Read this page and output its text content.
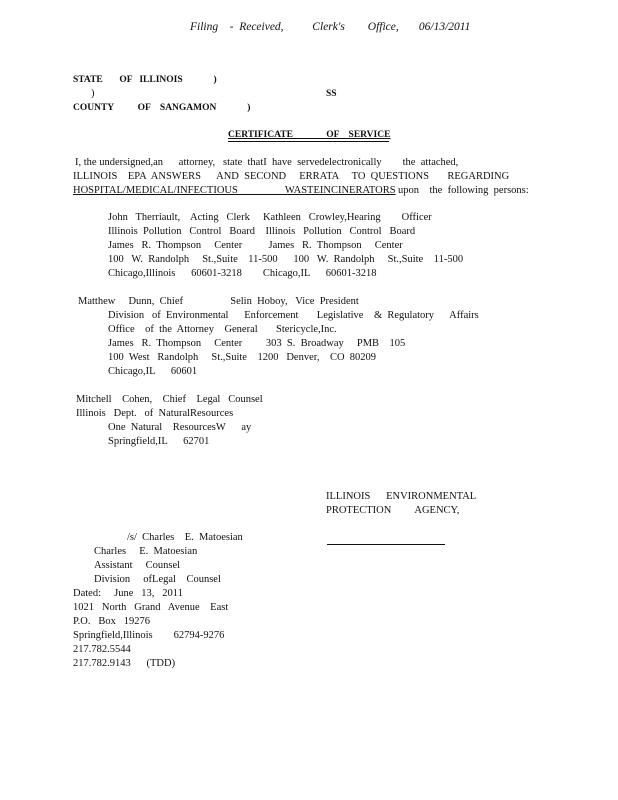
Filing    -  Received,          Clerk's        Office,       06/13/2011
STATE       OF   ILLINOIS             )
)	SS
COUNTY          OF    SANGAMON             )
CERTIFICATE              OF    SERVICE
I, the undersigned,an      attorney,   state  thatI  have  servedelectronically        the  attached,
ILLINOIS    EPA  ANSWERS      AND  SECOND     ERRATA     TO  QUESTIONS       REGARDING
HOSPITAL/MEDICAL/INFECTIOUS                  WASTEINCINERATORS upon    the  following  persons:
John   Therriault,    Acting   Clerk     Kathleen   Crowley,Hearing        Officer
Illinois  Pollution   Control   Board    Illinois   Pollution   Control   Board
James   R.  Thompson     Center          James   R.  Thompson     Center
100   W.  Randolph     St.,Suite    11-500      100   W.  Randolph     St.,Suite    11-500
Chicago,Illinois      60601-3218        Chicago,IL      60601-3218
Matthew     Dunn,  Chief                  Selin  Hoboy,   Vice  President
Division   of  Environmental      Enforcement       Legislative    &  Regulatory      Affairs
Office    of  the  Attorney    General       Stericycle,Inc.
James   R.  Thompson     Center         303  S.  Broadway     PMB    105
100  West   Randolph     St.,Suite    1200   Denver,    CO  80209
Chicago,IL      60601
Mitchell    Cohen,    Chief    Legal   Counsel
Illinois   Dept.   of  NaturalResources
One  Natural    ResourcesW      ay
Springfield,IL      62701
ILLINOIS      ENVIRONMENTAL
PROTECTION         AGENCY,
/s/  Charles    E.  Matoesian
Charles     E.  Matoesian
Assistant     Counsel
Division     ofLegal    Counsel
Dated:     June   13,   2011
1021   North   Grand   Avenue    East
P.O.   Box   19276
Springfield,Illinois        62794-9276
217.782.5544
217.782.9143      (TDD)
